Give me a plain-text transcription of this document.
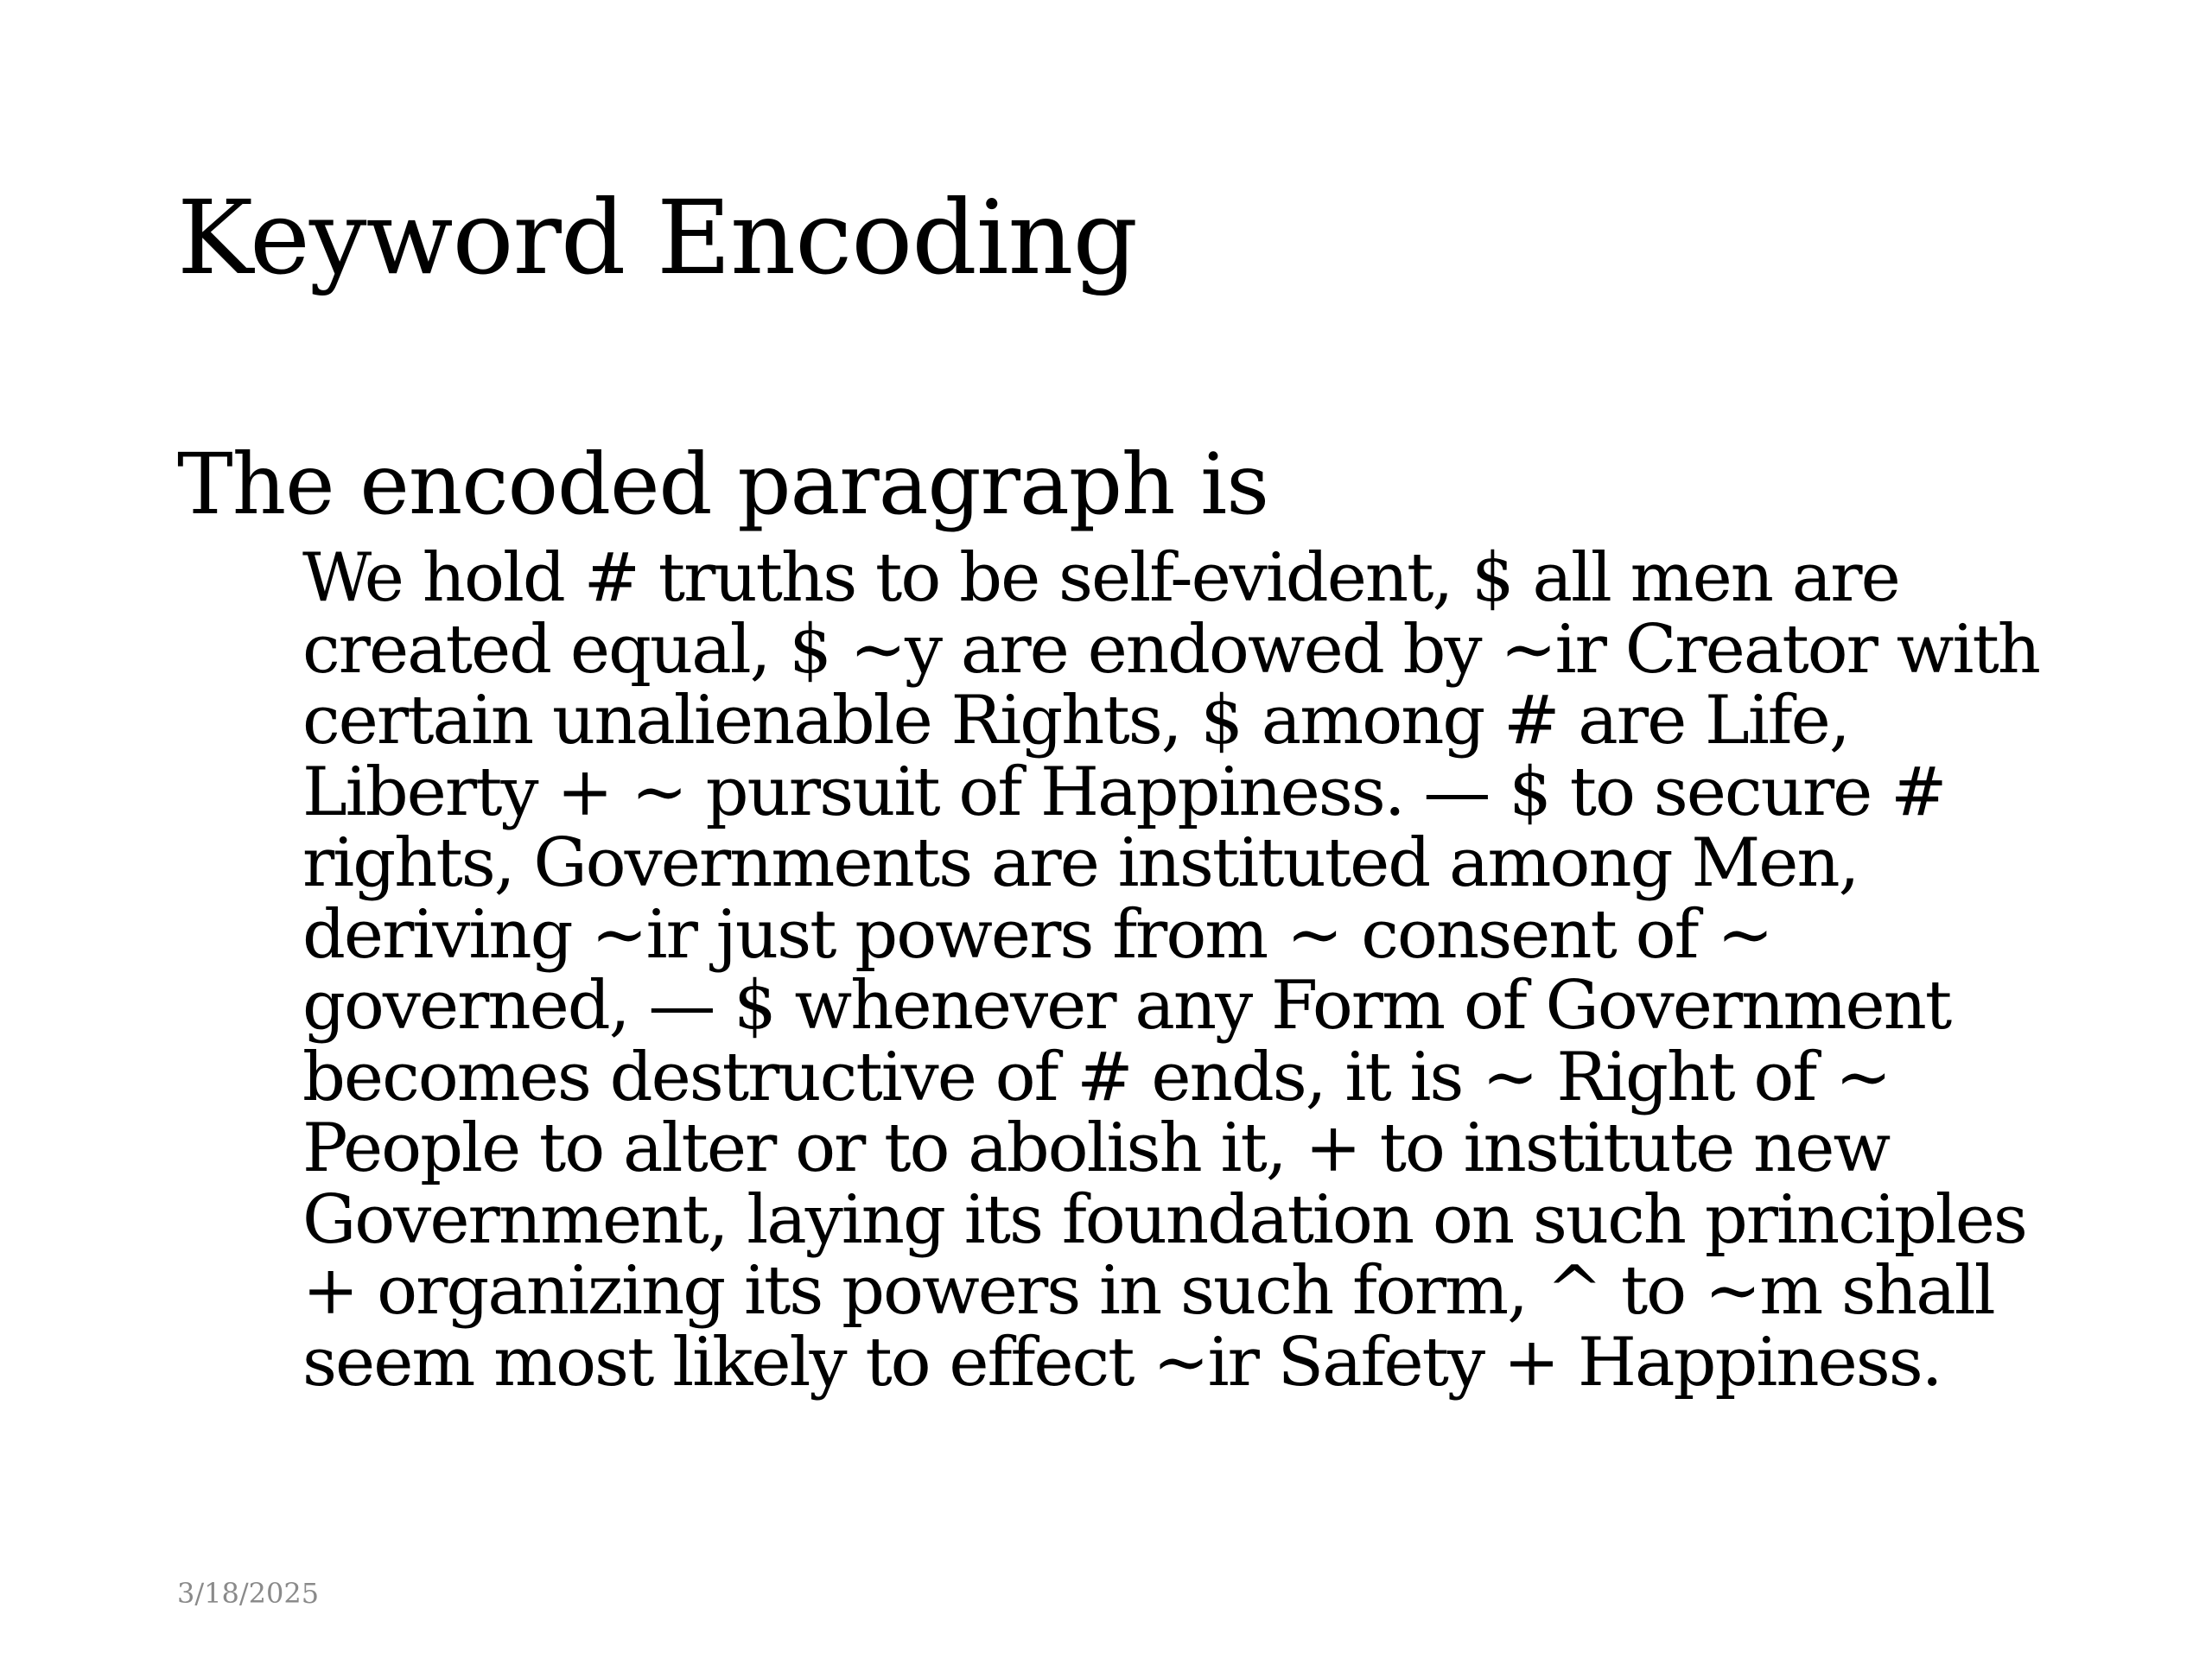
Keyword Encoding
The encoded paragraph is
We hold # truths to be self-evident, $ all men are
created equal, $ ~y are endowed by ~ir Creator with
certain unalienable Rights, $ among # are Life,
Liberty + ~ pursuit of Happiness. — $ to secure #
rights, Governments are instituted among Men,
deriving ~ir just powers from ~ consent of ~
governed, — $ whenever any Form of Government
becomes destructive of # ends, it is ~ Right of ~
People to alter or to abolish it, + to institute new
Government, laying its foundation on such principles
+ organizing its powers in such form, ^ to ~m shall
seem most likely to effect ~ir Safety + Happiness.
3/18/2025
